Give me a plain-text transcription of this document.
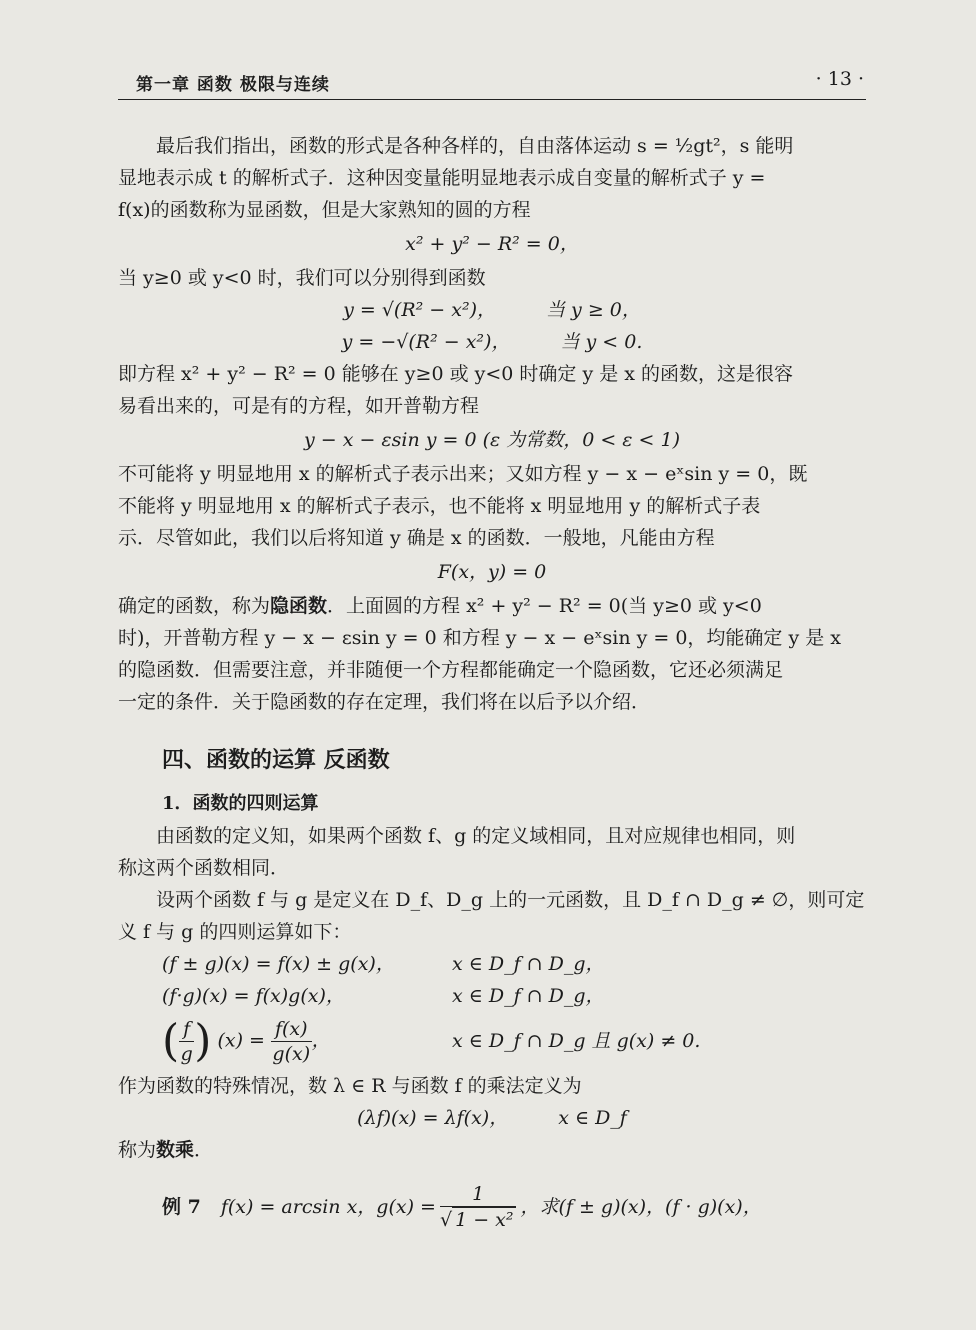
第一章 函数 极限与连续	· 13 ·

最后我们指出，函数的形式是各种各样的，自由落体运动 s = ½gt²，s 能明

显地表示成 t 的解析式子．这种因变量能明显地表示成自变量的解析式子 y =

f(x)的函数称为显函数，但是大家熟知的圆的方程

x² + y² − R² = 0，

当 y≥0 或 y<0 时，我们可以分别得到函数

y = √(R² − x²)，	当 y ≥ 0，
y = −√(R² − x²)，	当 y < 0.

即方程 x² + y² − R² = 0 能够在 y≥0 或 y<0 时确定 y 是 x 的函数，这是很容

易看出来的，可是有的方程，如开普勒方程

y − x − εsin y = 0 (ε 为常数，0 < ε < 1)

不可能将 y 明显地用 x 的解析式子表示出来；又如方程 y − x − eˣsin y = 0，既

不能将 y 明显地用 x 的解析式子表示，也不能将 x 明显地用 y 的解析式子表

示．尽管如此，我们以后将知道 y 确是 x 的函数．一般地，凡能由方程

F(x，y) = 0

确定的函数，称为隐函数．上面圆的方程 x² + y² − R² = 0(当 y≥0 或 y<0

时)，开普勒方程 y − x − εsin y = 0 和方程 y − x − eˣsin y = 0，均能确定 y 是 x

的隐函数．但需要注意，并非随便一个方程都能确定一个隐函数，它还必须满足

一定的条件．关于隐函数的存在定理，我们将在以后予以介绍．

四、函数的运算 反函数
1．函数的四则运算

由函数的定义知，如果两个函数 f、g 的定义域相同，且对应规律也相同，则

称这两个函数相同．

设两个函数 f 与 g 是定义在 D_f、D_g 上的一元函数，且 D_f ∩ D_g ≠ ∅，则可定

义 f 与 g 的四则运算如下：

(f ± g)(x) = f(x) ± g(x)，	x ∈ D_f ∩ D_g，
(f·g)(x) = f(x)g(x)，	x ∈ D_f ∩ D_g，
( $\frac{f}{g}$ ) $(x) = \frac{f(x)}{g(x)}$ ，	x ∈ D_f ∩ D_g 且 g(x) ≠ 0.

作为函数的特殊情况，数 λ ∈ R 与函数 f 的乘法定义为

(λf)(x) = λf(x)，	x ∈ D_f

称为数乘．

例 7 f(x) = arcsin x，$g(x) = \frac{1}{\text{√ 1 − x²}}$ ，求(f ± g)(x)，(f · g)(x)，
